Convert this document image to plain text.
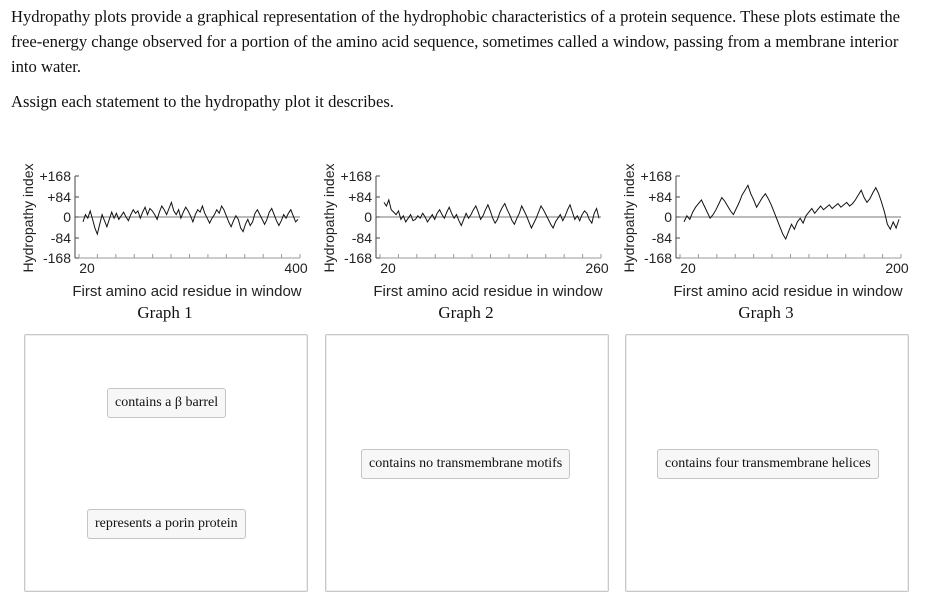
Hydropathy plots provide a graphical representation of the hydrophobic characteristics of a protein sequence. These plots estimate the free-energy change observed for a portion of the amino acid sequence, sometimes called a window, passing from a membrane interior into water.

Assign each statement to the hydropathy plot it describes.

Hydropathy index +168
+84
0
-84
-168
20	400
First amino acid residue in window
Graph 1
Hydropathy index +168
+84
0
-84
-168
20	260
First amino acid residue in window
Graph 2
Hydropathy index +168
+84
0
-84
-168
20	200
First amino acid residue in window
Graph 3
contains a β barrel
represents a porin protein
contains no transmembrane motifs	contains four transmembrane helices
